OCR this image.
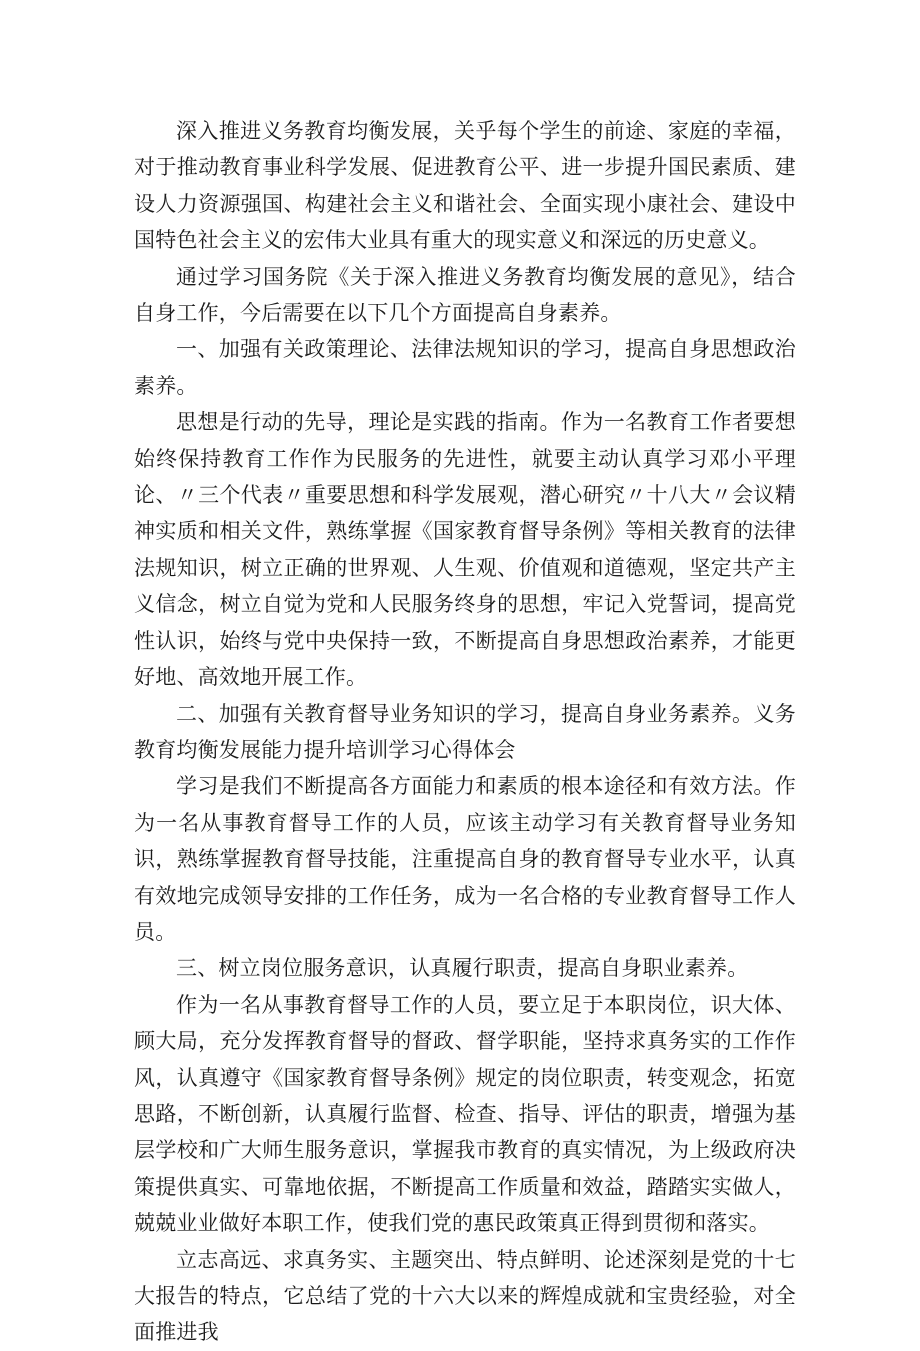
深入推进义务教育均衡发展，关乎每个学生的前途、家庭的幸福，对于推动教育事业科学发展、促进教育公平、进一步提升国民素质、建设人力资源强国、构建社会主义和谐社会、全面实现小康社会、建设中国特色社会主义的宏伟大业具有重大的现实意义和深远的历史意义。

通过学习国务院《关于深入推进义务教育均衡发展的意见》，结合自身工作，今后需要在以下几个方面提高自身素养。

一、加强有关政策理论、法律法规知识的学习，提高自身思想政治素养。

思想是行动的先导，理论是实践的指南。作为一名教育工作者要想始终保持教育工作作为民服务的先进性，就要主动认真学习邓小平理论、〃三个代表〃重要思想和科学发展观，潜心研究〃十八大〃会议精神实质和相关文件，熟练掌握《国家教育督导条例》等相关教育的法律法规知识，树立正确的世界观、人生观、价值观和道德观，坚定共产主义信念，树立自觉为党和人民服务终身的思想，牢记入党誓词，提高党性认识，始终与党中央保持一致，不断提高自身思想政治素养，才能更好地、高效地开展工作。

二、加强有关教育督导业务知识的学习，提高自身业务素养。义务教育均衡发展能力提升培训学习心得体会

学习是我们不断提高各方面能力和素质的根本途径和有效方法。作为一名从事教育督导工作的人员，应该主动学习有关教育督导业务知识，熟练掌握教育督导技能，注重提高自身的教育督导专业水平，认真有效地完成领导安排的工作任务，成为一名合格的专业教育督导工作人员。

三、树立岗位服务意识，认真履行职责，提高自身职业素养。

作为一名从事教育督导工作的人员，要立足于本职岗位，识大体、顾大局，充分发挥教育督导的督政、督学职能，坚持求真务实的工作作风，认真遵守《国家教育督导条例》规定的岗位职责，转变观念，拓宽思路，不断创新，认真履行监督、检查、指导、评估的职责，增强为基层学校和广大师生服务意识，掌握我市教育的真实情况，为上级政府决策提供真实、可靠地依据，不断提高工作质量和效益，踏踏实实做人，兢兢业业做好本职工作，使我们党的惠民政策真正得到贯彻和落实。

立志高远、求真务实、主题突出、特点鲜明、论述深刻是党的十七大报告的特点，它总结了党的十六大以来的辉煌成就和宝贵经验，对全面推进我
